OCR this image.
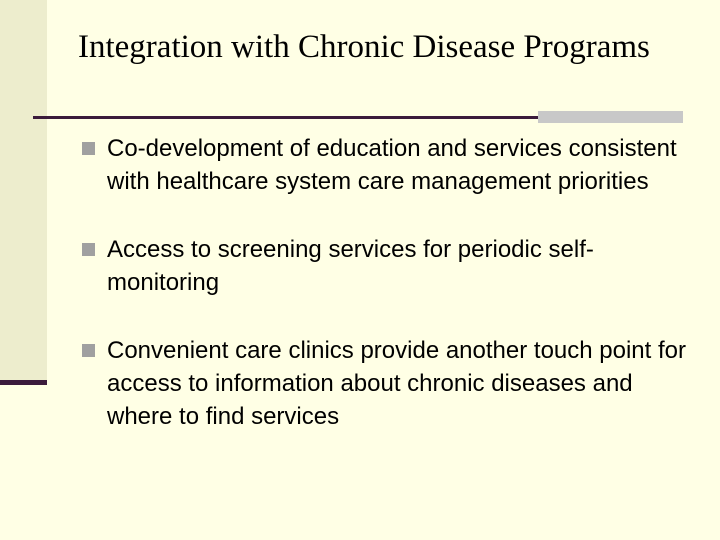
Integration with Chronic Disease Programs
Co-development of education and services consistent with healthcare system care management priorities
Access to screening services for periodic self-monitoring
Convenient care clinics provide another touch point for access to information about chronic diseases and where to find services
